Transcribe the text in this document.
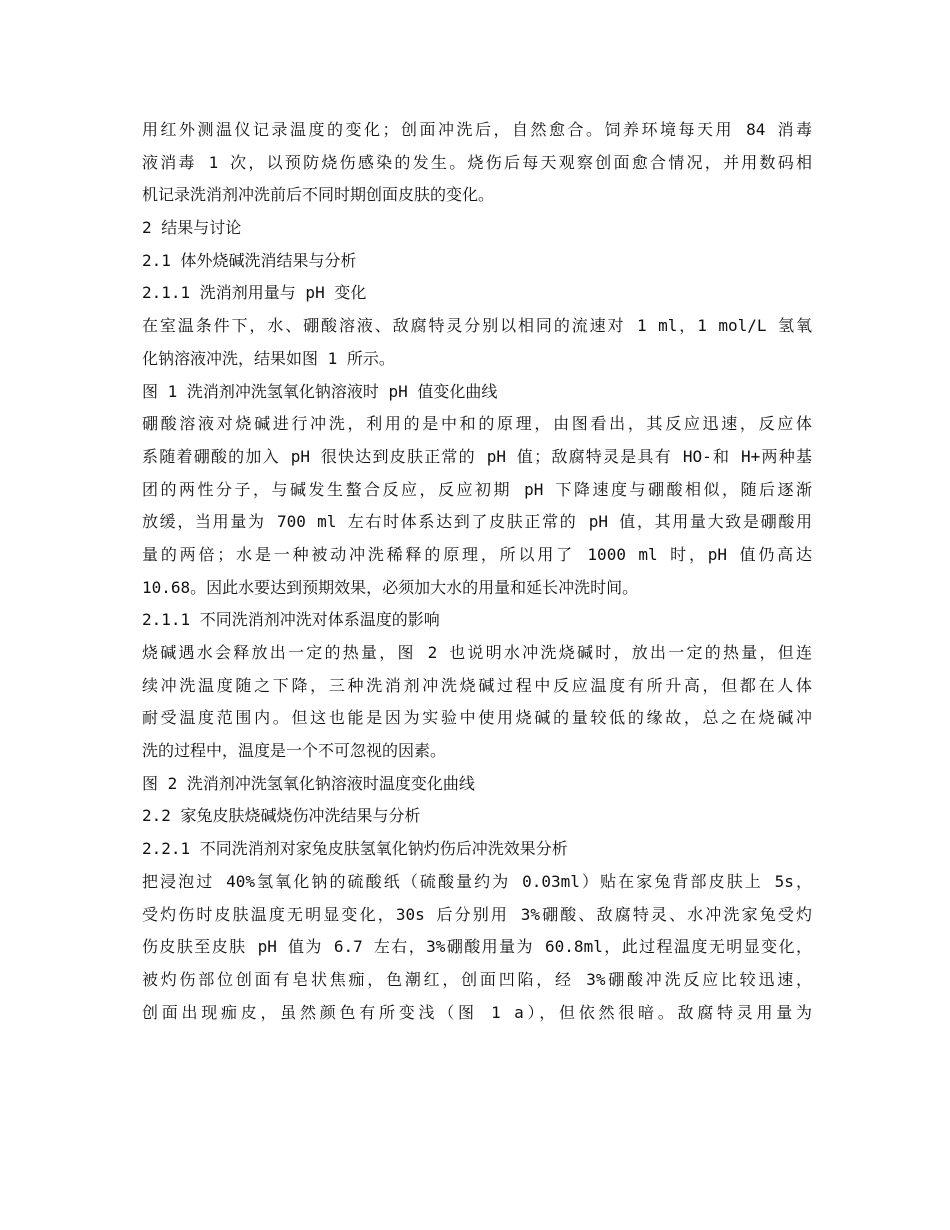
用红外测温仪记录温度的变化；创面冲洗后，自然愈合。饲养环境每天用 84 消毒
液消毒 1 次，以预防烧伤感染的发生。烧伤后每天观察创面愈合情况，并用数码相
机记录洗消剂冲洗前后不同时期创面皮肤的变化。
2 结果与讨论
2.1 体外烧碱洗消结果与分析
2.1.1 洗消剂用量与 pH 变化
在室温条件下，水、硼酸溶液、敌腐特灵分别以相同的流速对 1 ml，1 mol/L 氢氧
化钠溶液冲洗，结果如图 1 所示。
图 1 洗消剂冲洗氢氧化钠溶液时 pH 值变化曲线
硼酸溶液对烧碱进行冲洗，利用的是中和的原理，由图看出，其反应迅速，反应体
系随着硼酸的加入 pH 很快达到皮肤正常的 pH 值；敌腐特灵是具有 HO-和 H+两种基
团的两性分子，与碱发生螯合反应，反应初期 pH 下降速度与硼酸相似，随后逐渐
放缓，当用量为 700 ml 左右时体系达到了皮肤正常的 pH 值，其用量大致是硼酸用
量的两倍；水是一种被动冲洗稀释的原理，所以用了 1000 ml 时，pH 值仍高达
10.68。因此水要达到预期效果，必须加大水的用量和延长冲洗时间。
2.1.1 不同洗消剂冲洗对体系温度的影响
烧碱遇水会释放出一定的热量，图 2 也说明水冲洗烧碱时，放出一定的热量，但连
续冲洗温度随之下降，三种洗消剂冲洗烧碱过程中反应温度有所升高，但都在人体
耐受温度范围内。但这也能是因为实验中使用烧碱的量较低的缘故，总之在烧碱冲
洗的过程中，温度是一个不可忽视的因素。
图 2 洗消剂冲洗氢氧化钠溶液时温度变化曲线
2.2 家兔皮肤烧碱烧伤冲洗结果与分析
2.2.1 不同洗消剂对家兔皮肤氢氧化钠灼伤后冲洗效果分析
把浸泡过 40%氢氧化钠的硫酸纸（硫酸量约为 0.03ml）贴在家兔背部皮肤上 5s，
受灼伤时皮肤温度无明显变化，30s 后分别用 3%硼酸、敌腐特灵、水冲洗家兔受灼
伤皮肤至皮肤 pH 值为 6.7 左右，3%硼酸用量为 60.8ml，此过程温度无明显变化，
被灼伤部位创面有皂状焦痂，色潮红，创面凹陷，经 3%硼酸冲洗反应比较迅速，
创面出现痂皮，虽然颜色有所变浅（图 1 a），但依然很暗。敌腐特灵用量为
